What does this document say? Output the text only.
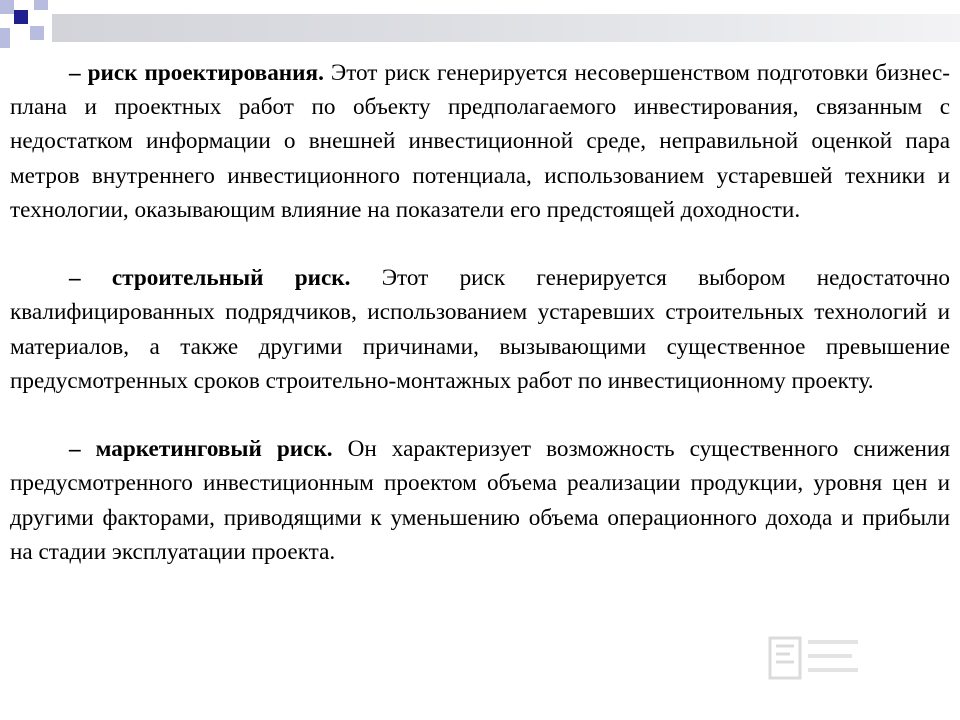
– риск проектирования. Этот риск генерируется несовершенством подготовки бизнес-плана и проектных работ по объекту предполагаемого инвестирования, связанным с недостатком информации о внешней инвестиционной среде, неправильной оценкой пара метров внутреннего инвестиционного потенциала, использованием устаревшей техники и технологии, оказывающим влияние на показатели его предстоящей доходности.

– строительный риск. Этот риск генерируется выбором недостаточно квалифицированных подрядчиков, использованием устаревших строительных технологий и материалов, а также другими причинами, вызывающими существенное превышение предусмотренных сроков строительно-монтажных работ по инвестиционному проекту.

– маркетинговый риск. Он характеризует возможность существенного снижения предусмотренного инвестиционным проектом объема реализации продукции, уровня цен и другими факторами, приводящими к уменьшению объема операционного дохода и прибыли на стадии эксплуатации проекта.
